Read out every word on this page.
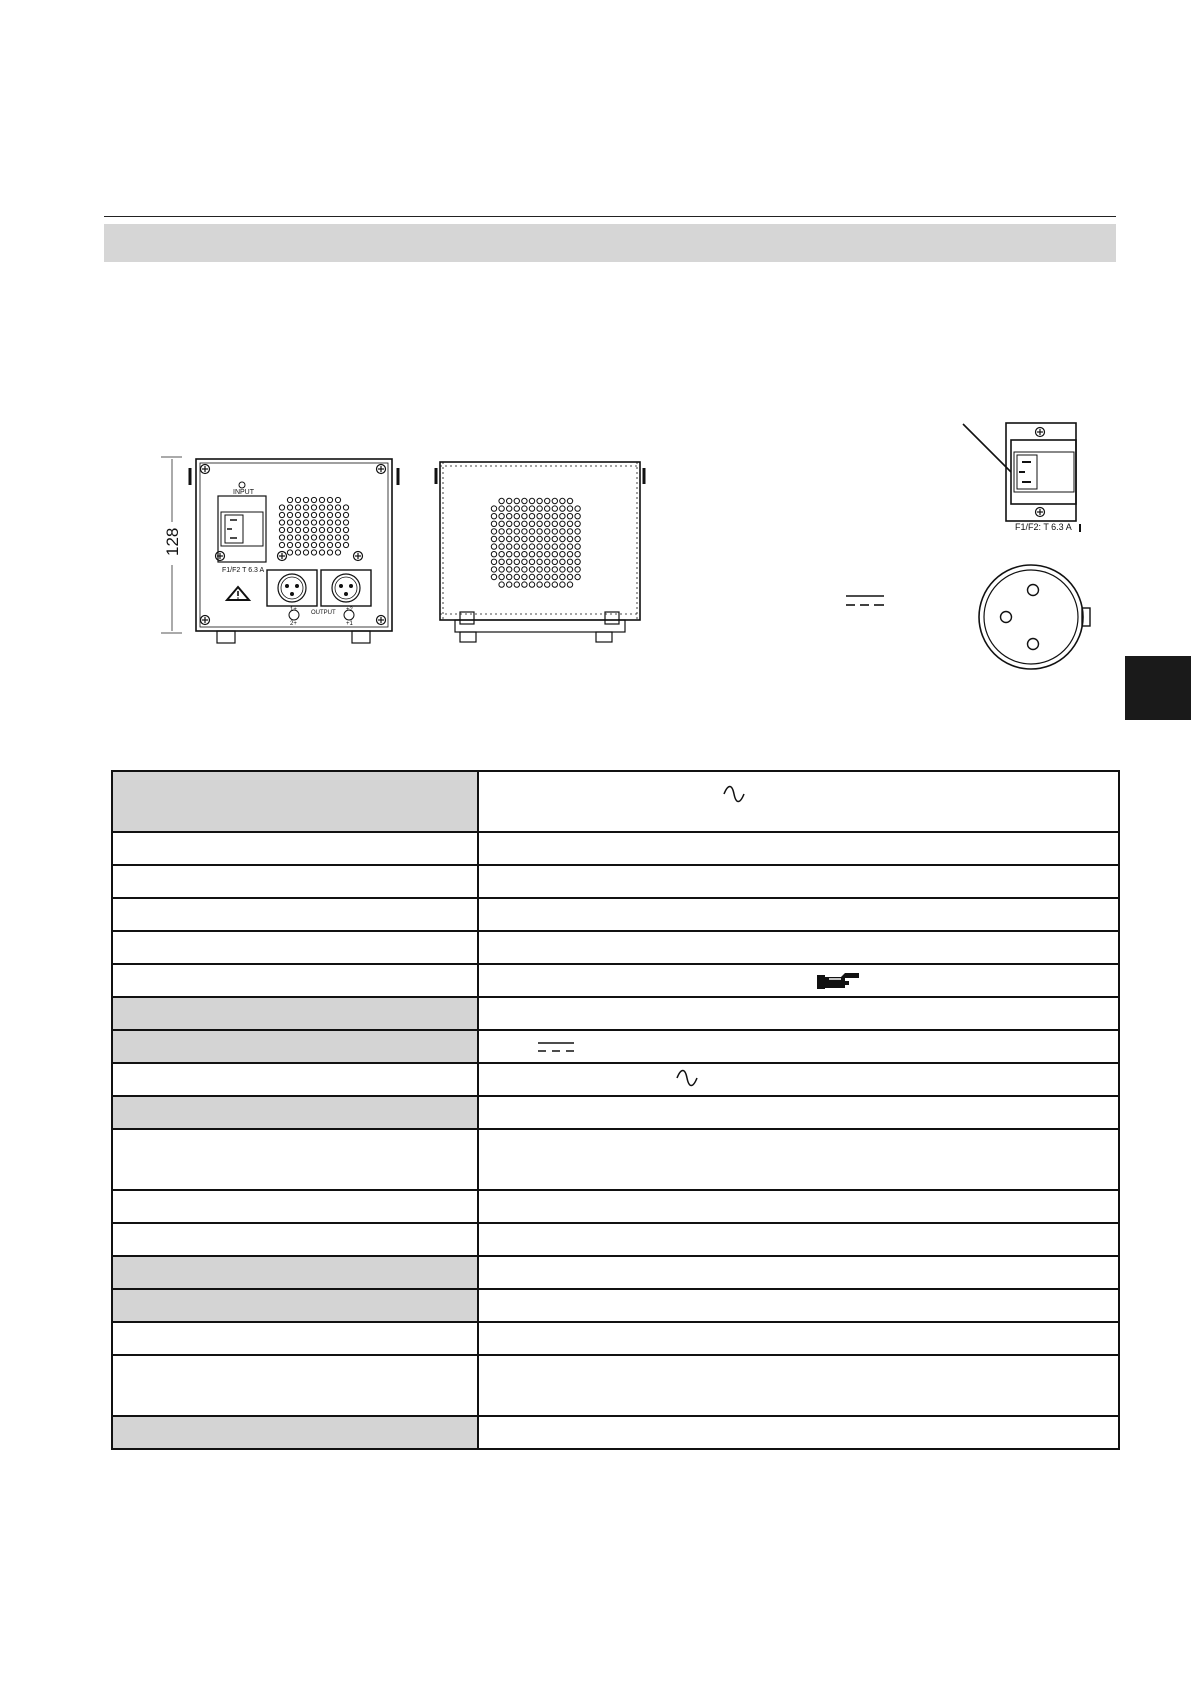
128
INPUT
F1/F2 T 6.3 A
1+
2+
OUTPUT +2
+1
F1/F2: T 6.3 A
